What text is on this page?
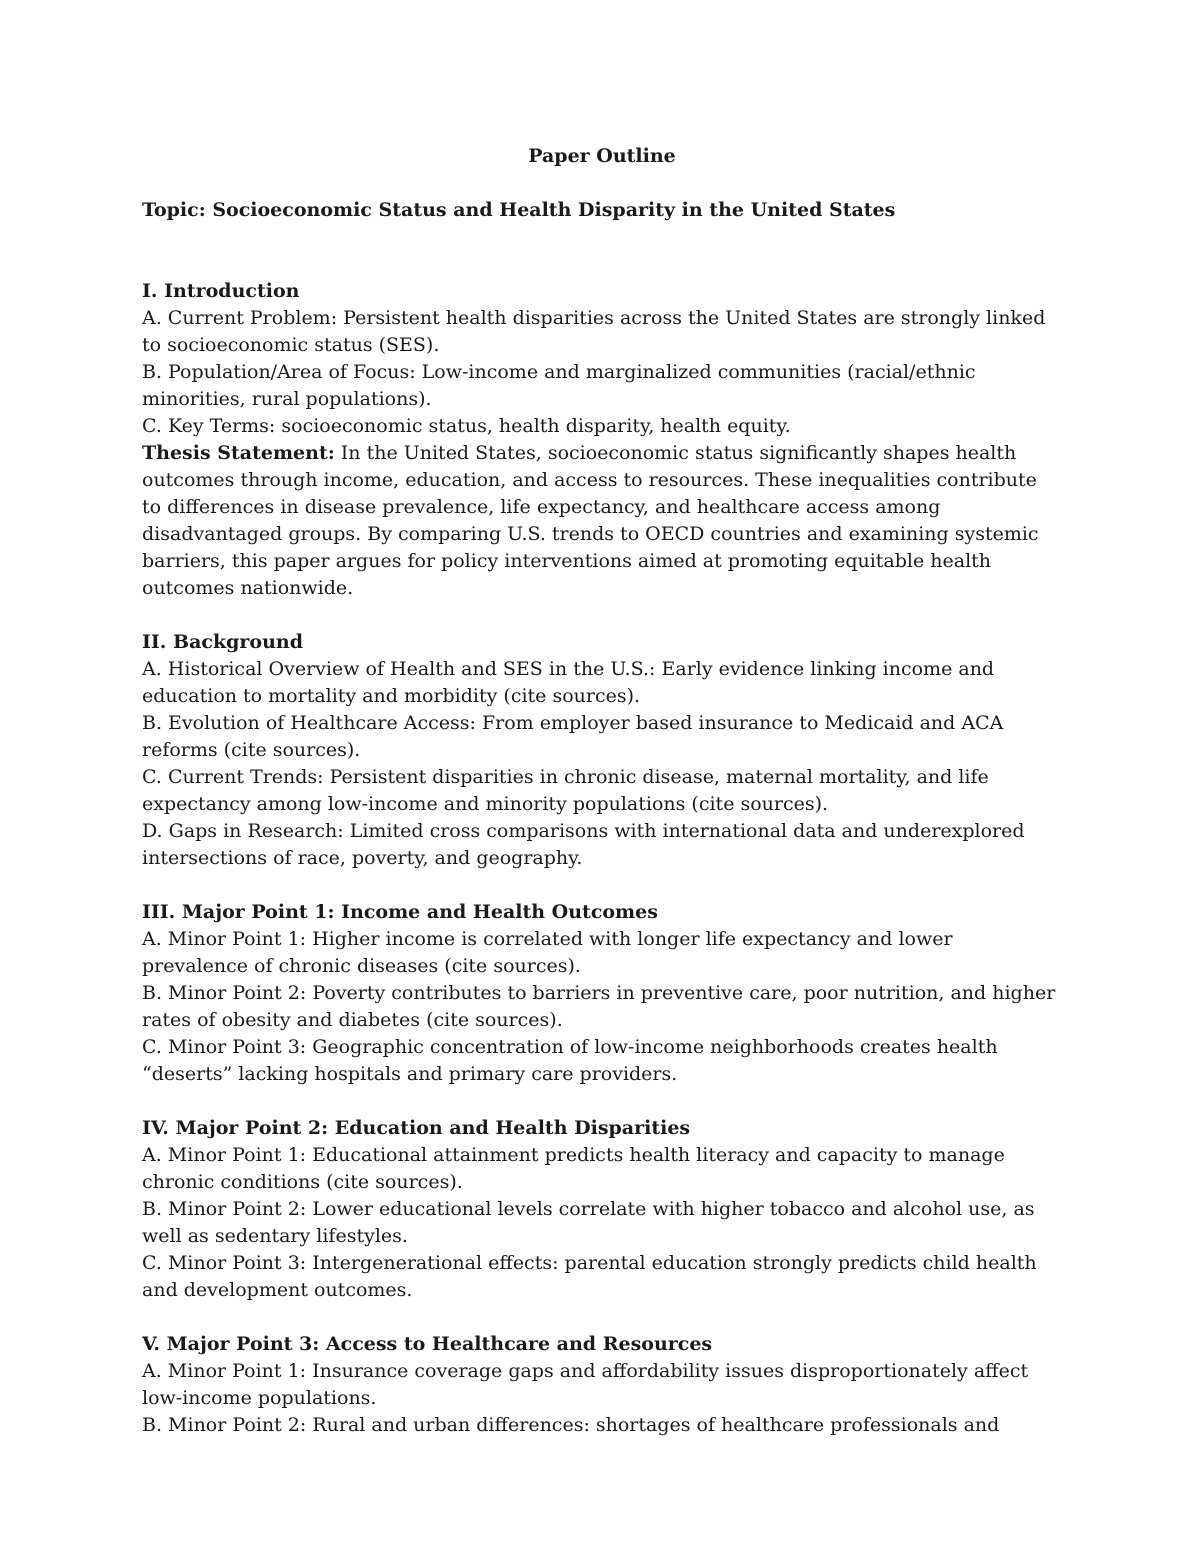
Paper Outline

Topic: Socioeconomic Status and Health Disparity in the United States

I. Introduction

A. Current Problem: Persistent health disparities across the United States are strongly linked to socioeconomic status (SES).

B. Population/Area of Focus: Low-income and marginalized communities (racial/ethnic minorities, rural populations).

C. Key Terms: socioeconomic status, health disparity, health equity.

Thesis Statement: In the United States, socioeconomic status significantly shapes health outcomes through income, education, and access to resources. These inequalities contribute to differences in disease prevalence, life expectancy, and healthcare access among disadvantaged groups. By comparing U.S. trends to OECD countries and examining systemic barriers, this paper argues for policy interventions aimed at promoting equitable health outcomes nationwide.

II. Background

A. Historical Overview of Health and SES in the U.S.: Early evidence linking income and education to mortality and morbidity (cite sources).

B. Evolution of Healthcare Access: From employer based insurance to Medicaid and ACA reforms (cite sources).

C. Current Trends: Persistent disparities in chronic disease, maternal mortality, and life expectancy among low-income and minority populations (cite sources).

D. Gaps in Research: Limited cross comparisons with international data and underexplored intersections of race, poverty, and geography.

III. Major Point 1: Income and Health Outcomes

A. Minor Point 1: Higher income is correlated with longer life expectancy and lower prevalence of chronic diseases (cite sources).

B. Minor Point 2: Poverty contributes to barriers in preventive care, poor nutrition, and higher rates of obesity and diabetes (cite sources).

C. Minor Point 3: Geographic concentration of low-income neighborhoods creates health “deserts” lacking hospitals and primary care providers.

IV. Major Point 2: Education and Health Disparities

A. Minor Point 1: Educational attainment predicts health literacy and capacity to manage chronic conditions (cite sources).

B. Minor Point 2: Lower educational levels correlate with higher tobacco and alcohol use, as well as sedentary lifestyles.

C. Minor Point 3: Intergenerational effects: parental education strongly predicts child health and development outcomes.

V. Major Point 3: Access to Healthcare and Resources

A. Minor Point 1: Insurance coverage gaps and affordability issues disproportionately affect low-income populations.

B. Minor Point 2: Rural and urban differences: shortages of healthcare professionals and
